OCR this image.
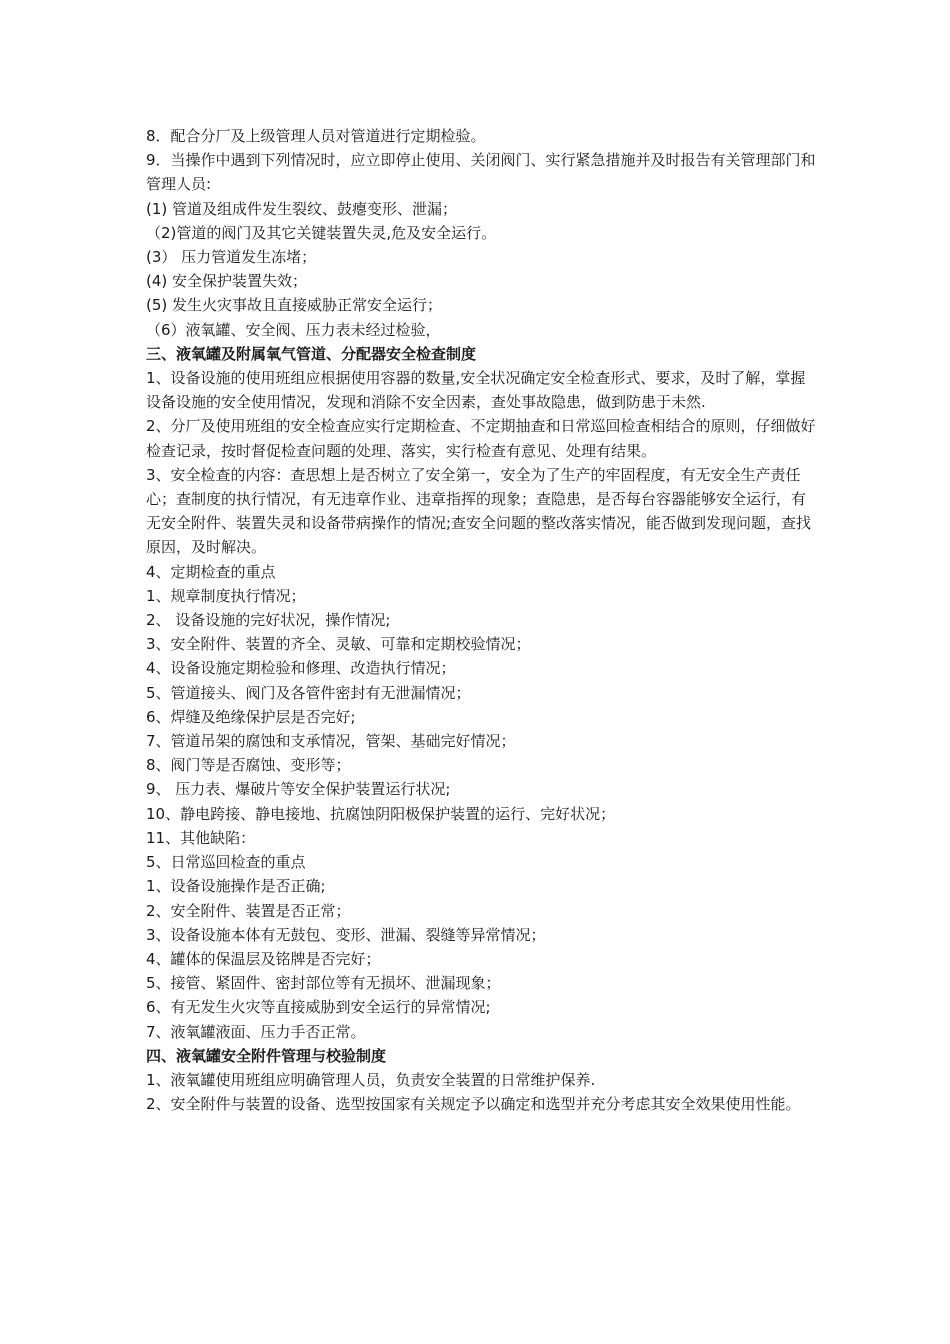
8．配合分厂及上级管理人员对管道进行定期检验。

9．当操作中遇到下列情况时，应立即停止使用、关闭阀门、实行紧急措施并及时报告有关管理部门和管理人员:

(1) 管道及组成件发生裂纹、鼓瘪变形、泄漏；

（2)管道的阀门及其它关键装置失灵,危及安全运行。

(3） 压力管道发生冻堵；

(4) 安全保护装置失效；

(5) 发生火灾事故且直接威胁正常安全运行；

（6）液氧罐、安全阀、压力表未经过检验，

三、液氧罐及附属氧气管道、分配器安全检查制度

1、设备设施的使用班组应根据使用容器的数量,安全状况确定安全检查形式、要求，及时了解，掌握设备设施的安全使用情况，发现和消除不安全因素，查处事故隐患，做到防患于未然.

2、分厂及使用班组的安全检查应实行定期检查、不定期抽查和日常巡回检查相结合的原则，仔细做好检查记录，按时督促检查问题的处理、落实，实行检查有意见、处理有结果。

3、安全检查的内容：查思想上是否树立了安全第一，安全为了生产的牢固程度，有无安全生产责任心；查制度的执行情况，有无违章作业、违章指挥的现象；查隐患，是否每台容器能够安全运行，有无安全附件、装置失灵和设备带病操作的情况;查安全问题的整改落实情况，能否做到发现问题，查找原因，及时解决。

4、定期检查的重点

1、规章制度执行情况；

2、 设备设施的完好状况，操作情况;

3、安全附件、装置的齐全、灵敏、可靠和定期校验情况；

4、设备设施定期检验和修理、改造执行情况；

5、管道接头、阀门及各管件密封有无泄漏情况；

6、焊缝及绝缘保护层是否完好;

7、管道吊架的腐蚀和支承情况，管架、基础完好情况；

8、阀门等是否腐蚀、变形等；

9、 压力表、爆破片等安全保护装置运行状况;

10、静电跨接、静电接地、抗腐蚀阴阳极保护装置的运行、完好状况；

11、其他缺陷：

5、日常巡回检查的重点

1、设备设施操作是否正确;

2、安全附件、装置是否正常；

3、设备设施本体有无鼓包、变形、泄漏、裂缝等异常情况；

4、罐体的保温层及铭牌是否完好；

5、接管、紧固件、密封部位等有无损坏、泄漏现象；

6、有无发生火灾等直接威胁到安全运行的异常情况;

7、液氧罐液面、压力手否正常。

四、液氧罐安全附件管理与校验制度

1、液氧罐使用班组应明确管理人员，负责安全装置的日常维护保养.

2、安全附件与装置的设备、选型按国家有关规定予以确定和选型并充分考虑其安全效果使用性能。
